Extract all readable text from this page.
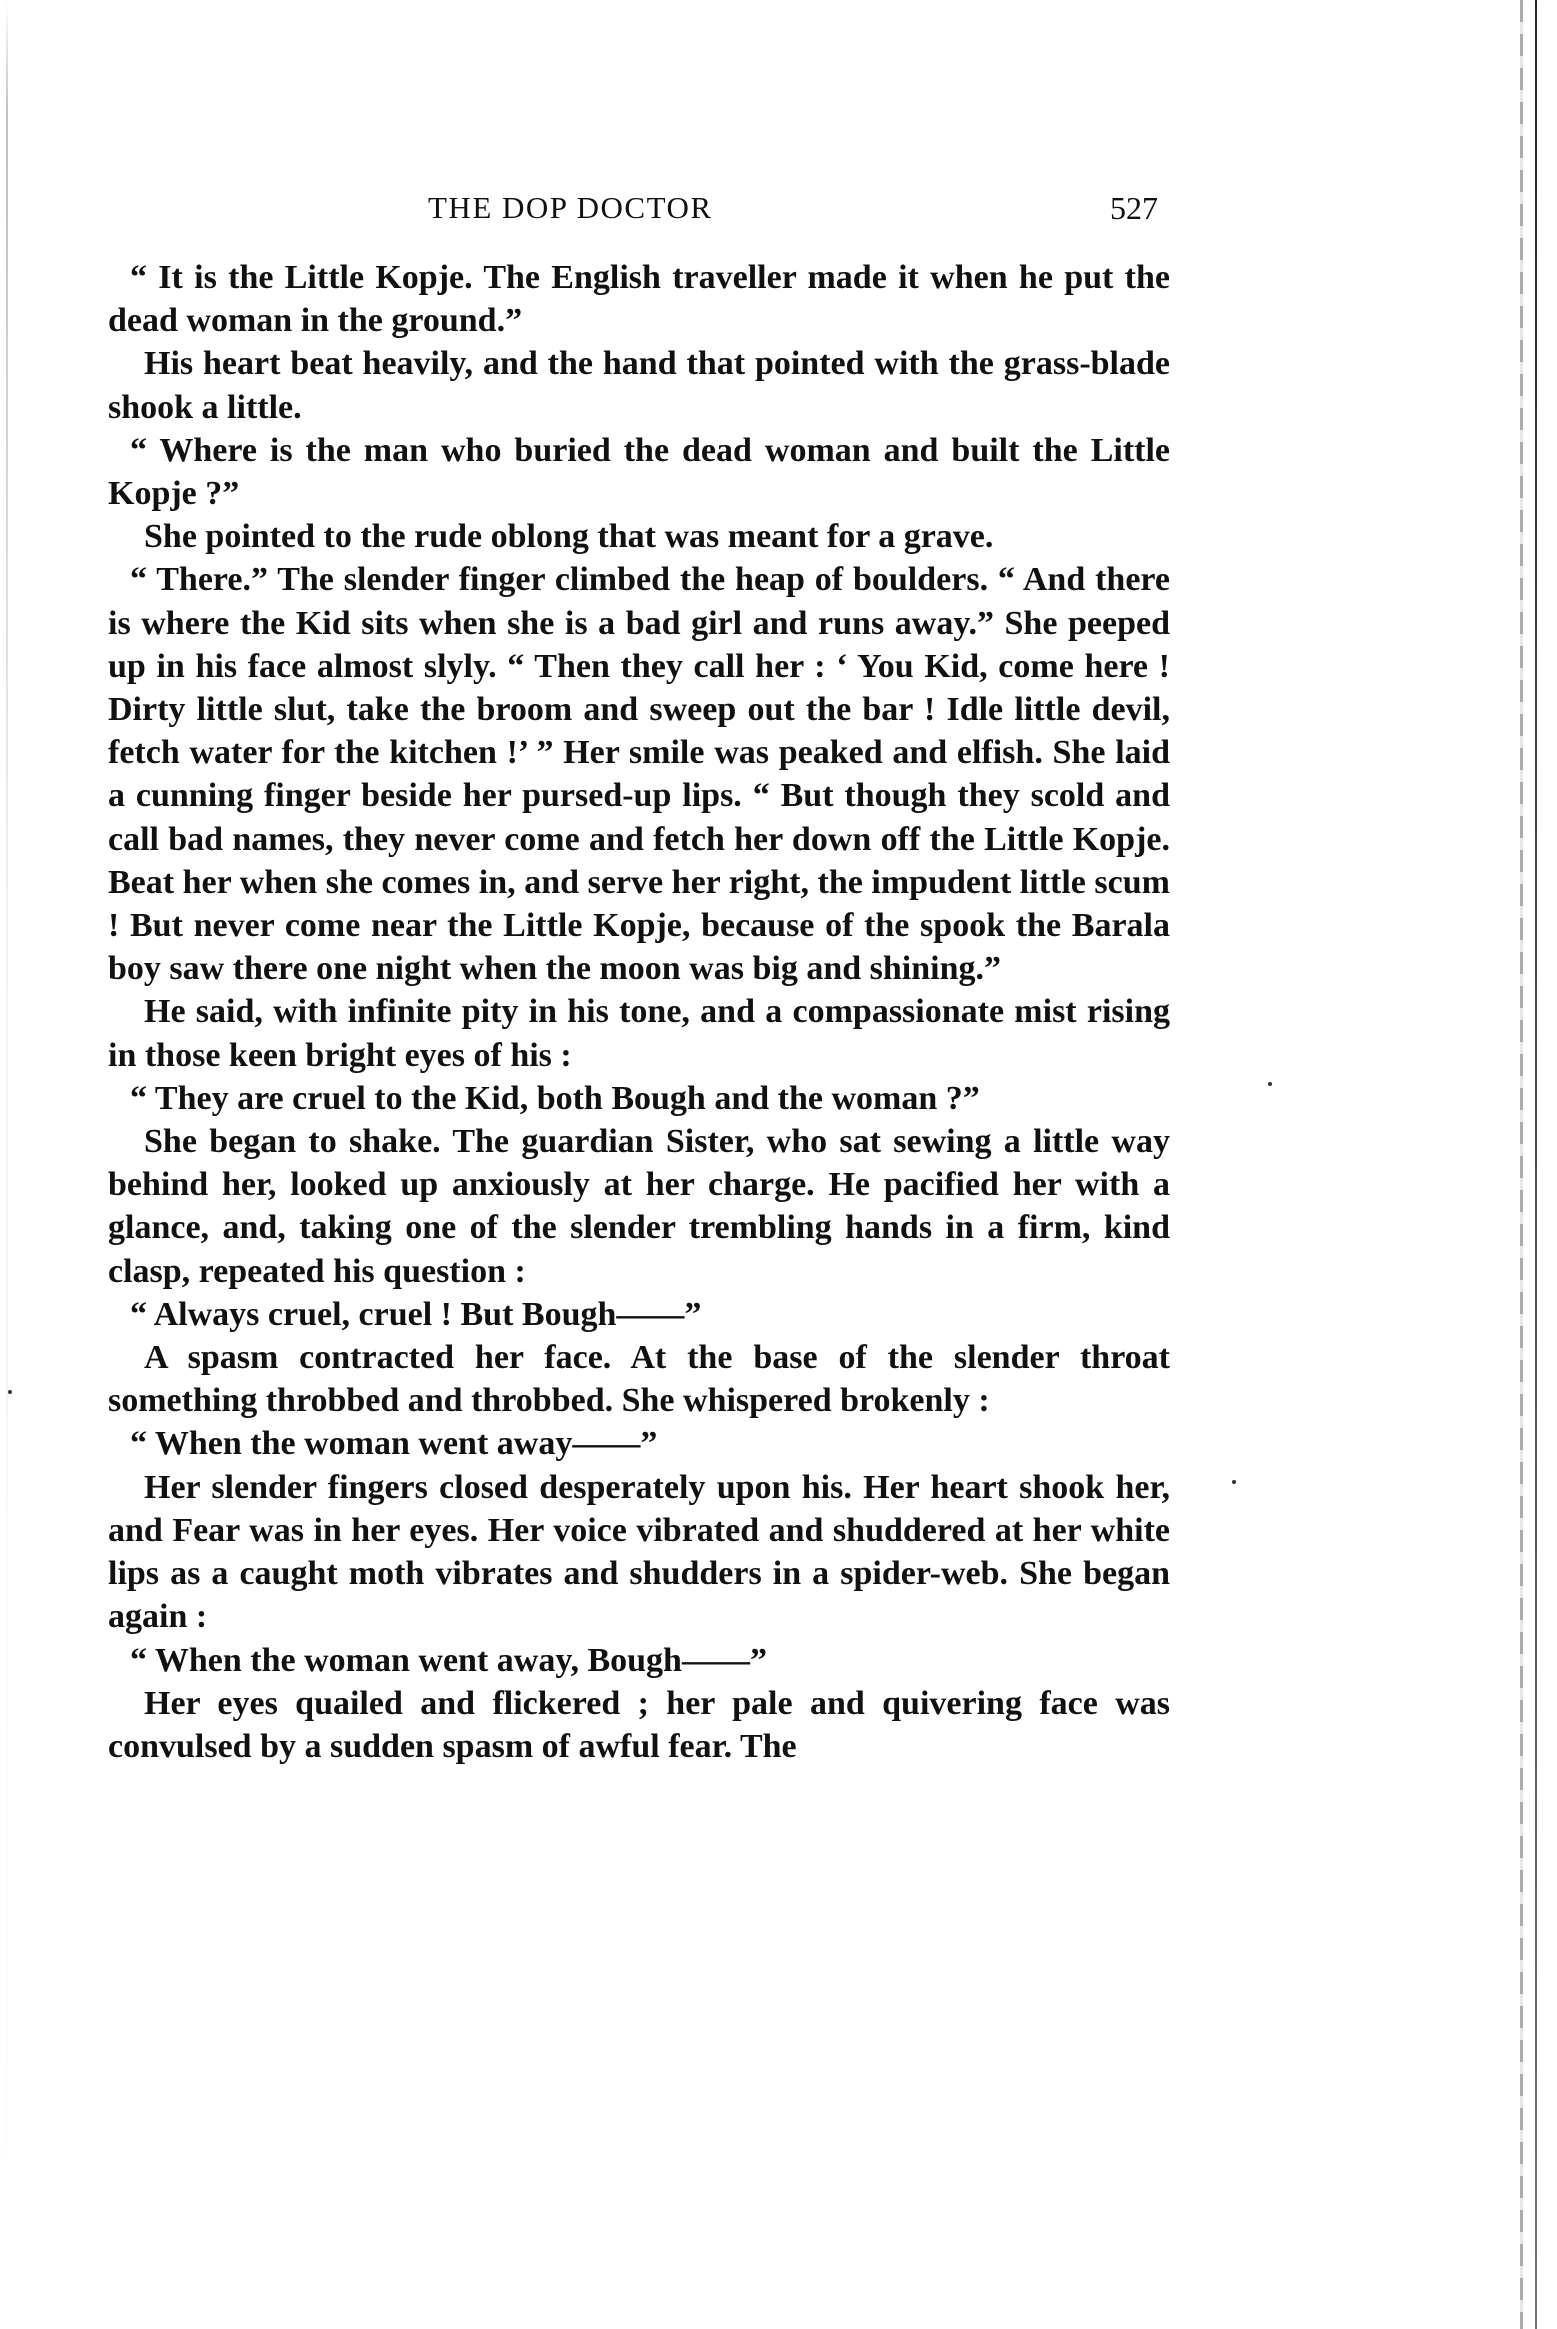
THE DOP DOCTOR	527

“ It is the Little Kopje. The English traveller made it when he put the dead woman in the ground.”

His heart beat heavily, and the hand that pointed with the grass-blade shook a little.

“ Where is the man who buried the dead woman and built the Little Kopje ?”

She pointed to the rude oblong that was meant for a grave.

“ There.” The slender finger climbed the heap of boulders. “ And there is where the Kid sits when she is a bad girl and runs away.” She peeped up in his face almost slyly. “ Then they call her : ‘ You Kid, come here ! Dirty little slut, take the broom and sweep out the bar ! Idle little devil, fetch water for the kitchen !’ ” Her smile was peaked and elfish. She laid a cunning finger beside her pursed-up lips. “ But though they scold and call bad names, they never come and fetch her down off the Little Kopje. Beat her when she comes in, and serve her right, the impudent little scum ! But never come near the Little Kopje, because of the spook the Barala boy saw there one night when the moon was big and shining.”

He said, with infinite pity in his tone, and a compassionate mist rising in those keen bright eyes of his :

“ They are cruel to the Kid, both Bough and the woman ?”

She began to shake. The guardian Sister, who sat sewing a little way behind her, looked up anxiously at her charge. He pacified her with a glance, and, taking one of the slender trembling hands in a firm, kind clasp, repeated his question :

“ Always cruel, cruel ! But Bough——”

A spasm contracted her face. At the base of the slender throat something throbbed and throbbed. She whispered brokenly :

“ When the woman went away——”

Her slender fingers closed desperately upon his. Her heart shook her, and Fear was in her eyes. Her voice vibrated and shuddered at her white lips as a caught moth vibrates and shudders in a spider-web. She began again :

“ When the woman went away, Bough——”

Her eyes quailed and flickered ; her pale and quivering face was convulsed by a sudden spasm of awful fear. The
